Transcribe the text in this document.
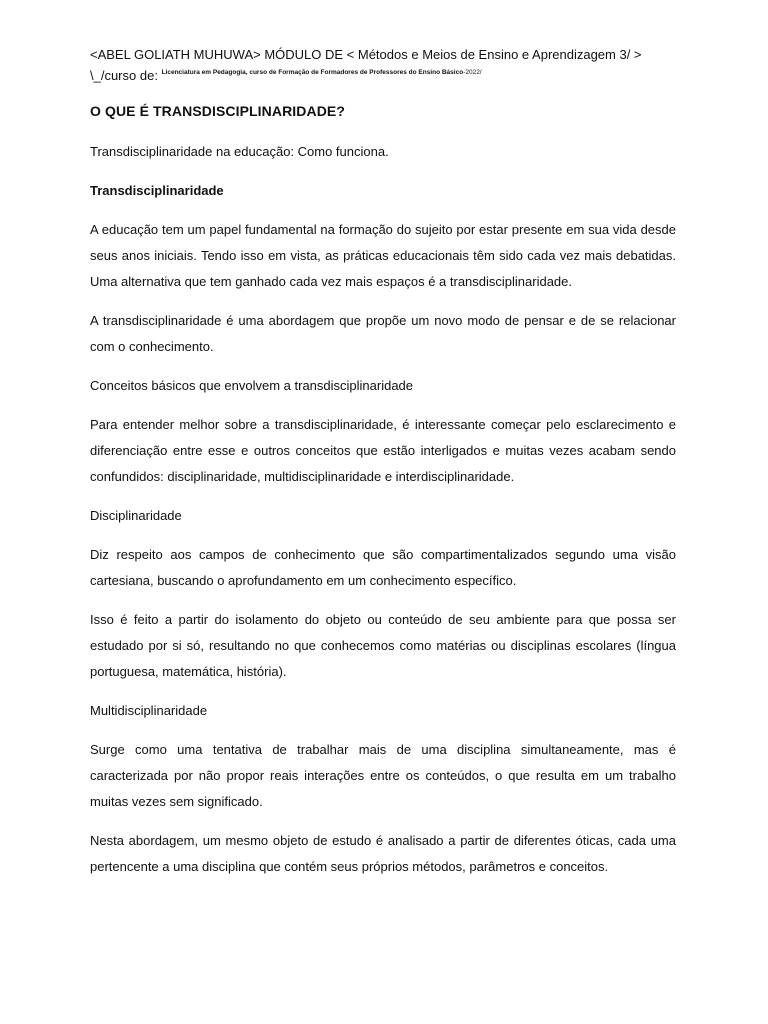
<ABEL GOLIATH MUHUWA> MÓDULO DE < Métodos e Meios de Ensino e Aprendizagem 3/ > \_/curso de: $^{Licenciatura em Pedagogia, curso de Formação de Formadores de Professores do Ensino Básico-2022/}$
O QUE É TRANSDISCIPLINARIDADE?

Transdisciplinaridade na educação: Como funciona.

Transdisciplinaridade

A educação tem um papel fundamental na formação do sujeito por estar presente em sua vida desde seus anos iniciais. Tendo isso em vista, as práticas educacionais têm sido cada vez mais debatidas. Uma alternativa que tem ganhado cada vez mais espaços é a transdisciplinaridade.

A transdisciplinaridade é uma abordagem que propõe um novo modo de pensar e de se relacionar com o conhecimento.

Conceitos básicos que envolvem a transdisciplinaridade

Para entender melhor sobre a transdisciplinaridade, é interessante começar pelo esclarecimento e diferenciação entre esse e outros conceitos que estão interligados e muitas vezes acabam sendo confundidos: disciplinaridade, multidisciplinaridade e interdisciplinaridade.

Disciplinaridade

Diz respeito aos campos de conhecimento que são compartimentalizados segundo uma visão cartesiana, buscando o aprofundamento em um conhecimento específico.

Isso é feito a partir do isolamento do objeto ou conteúdo de seu ambiente para que possa ser estudado por si só, resultando no que conhecemos como matérias ou disciplinas escolares (língua portuguesa, matemática, história).

Multidisciplinaridade

Surge como uma tentativa de trabalhar mais de uma disciplina simultaneamente, mas é caracterizada por não propor reais interações entre os conteúdos, o que resulta em um trabalho muitas vezes sem significado.

Nesta abordagem, um mesmo objeto de estudo é analisado a partir de diferentes óticas, cada uma pertencente a uma disciplina que contém seus próprios métodos, parâmetros e conceitos.
